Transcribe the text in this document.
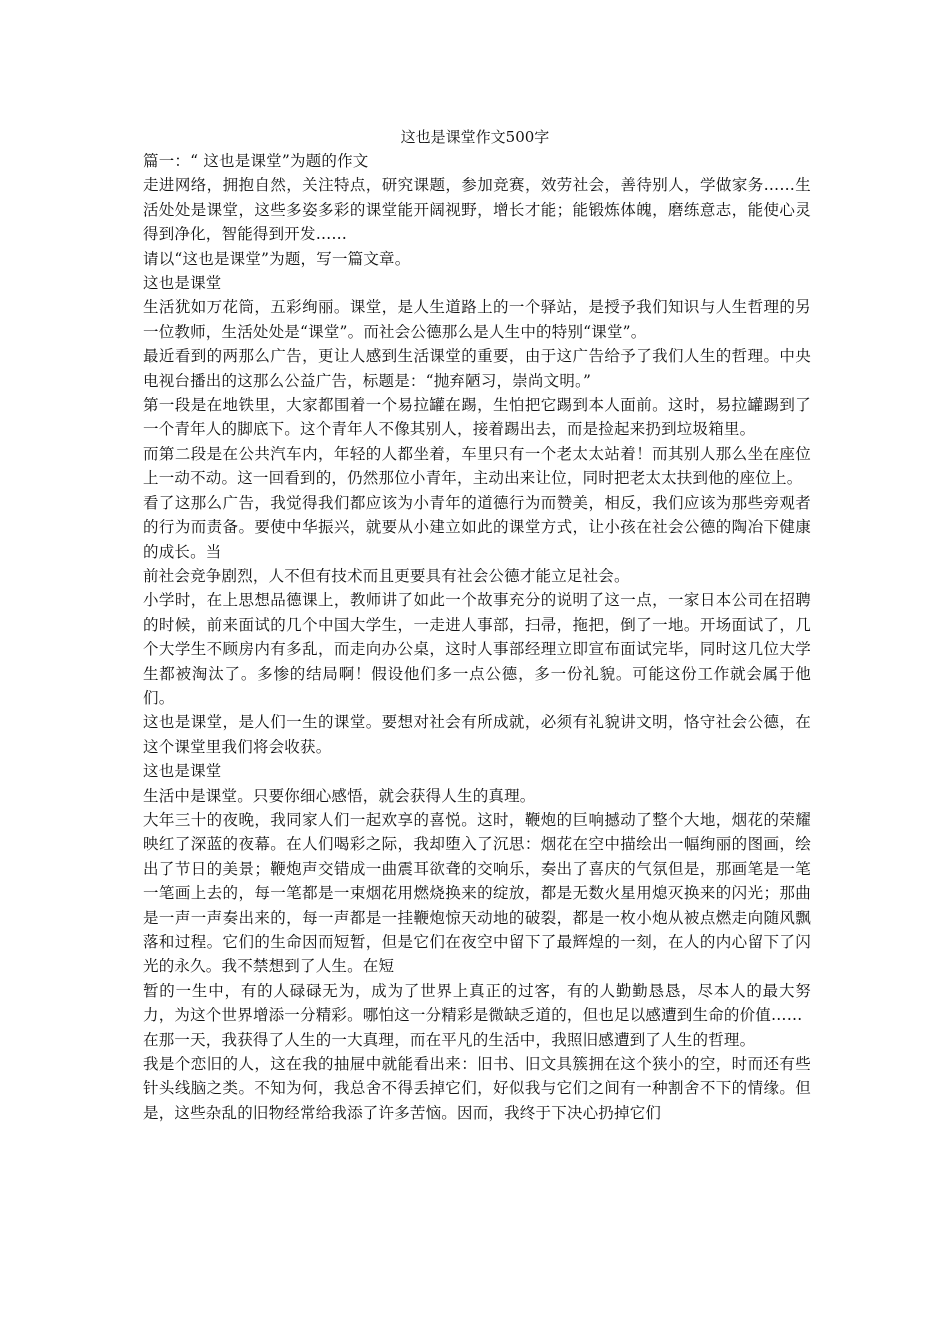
这也是课堂作文500字

篇一：“ 这也是课堂”为题的作文

走进网络，拥抱自然，关注特点，研究课题，参加竞赛，效劳社会，善待别人，学做家务……生活处处是课堂，这些多姿多彩的课堂能开阔视野，增长才能；能锻炼体魄，磨练意志，能使心灵得到净化，智能得到开发……

请以“这也是课堂”为题，写一篇文章。

这也是课堂

生活犹如万花筒，五彩绚丽。课堂，是人生道路上的一个驿站，是授予我们知识与人生哲理的另一位教师，生活处处是“课堂”。而社会公德那么是人生中的特别“课堂”。

最近看到的两那么广告，更让人感到生活课堂的重要，由于这广告给予了我们人生的哲理。中央电视台播出的这那么公益广告，标题是：“抛弃陋习，崇尚文明。”

第一段是在地铁里，大家都围着一个易拉罐在踢，生怕把它踢到本人面前。这时，易拉罐踢到了一个青年人的脚底下。这个青年人不像其别人，接着踢出去，而是捡起来扔到垃圾箱里。

而第二段是在公共汽车内，年轻的人都坐着，车里只有一个老太太站着！而其别人那么坐在座位上一动不动。这一回看到的，仍然那位小青年，主动出来让位，同时把老太太扶到他的座位上。

看了这那么广告，我觉得我们都应该为小青年的道德行为而赞美，相反，我们应该为那些旁观者的行为而责备。要使中华振兴，就要从小建立如此的课堂方式，让小孩在社会公德的陶冶下健康的成长。当

前社会竞争剧烈，人不但有技术而且更要具有社会公德才能立足社会。

小学时，在上思想品德课上，教师讲了如此一个故事充分的说明了这一点，一家日本公司在招聘的时候，前来面试的几个中国大学生，一走进人事部，扫帚，拖把，倒了一地。开场面试了，几个大学生不顾房内有多乱，而走向办公桌，这时人事部经理立即宣布面试完毕，同时这几位大学生都被淘汰了。多惨的结局啊！假设他们多一点公德，多一份礼貌。可能这份工作就会属于他们。

这也是课堂，是人们一生的课堂。要想对社会有所成就，必须有礼貌讲文明，恪守社会公德，在这个课堂里我们将会收获。

这也是课堂

生活中是课堂。只要你细心感悟，就会获得人生的真理。

大年三十的夜晚，我同家人们一起欢享的喜悦。这时，鞭炮的巨响撼动了整个大地，烟花的荣耀映红了深蓝的夜幕。在人们喝彩之际，我却堕入了沉思：烟花在空中描绘出一幅绚丽的图画，绘出了节日的美景；鞭炮声交错成一曲震耳欲聋的交响乐，奏出了喜庆的气氛但是，那画笔是一笔一笔画上去的，每一笔都是一束烟花用燃烧换来的绽放，都是无数火星用熄灭换来的闪光；那曲是一声一声奏出来的，每一声都是一挂鞭炮惊天动地的破裂，都是一枚小炮从被点燃走向随风飘落和过程。它们的生命因而短暂，但是它们在夜空中留下了最辉煌的一刻，在人的内心留下了闪光的永久。我不禁想到了人生。在短

暂的一生中，有的人碌碌无为，成为了世界上真正的过客，有的人勤勤恳恳，尽本人的最大努力，为这个世界增添一分精彩。哪怕这一分精彩是微缺乏道的，但也足以感遭到生命的价值……

在那一天，我获得了人生的一大真理，而在平凡的生活中，我照旧感遭到了人生的哲理。

我是个恋旧的人，这在我的抽屉中就能看出来：旧书、旧文具簇拥在这个狭小的空，时而还有些针头线脑之类。不知为何，我总舍不得丢掉它们，好似我与它们之间有一种割舍不下的情缘。但是，这些杂乱的旧物经常给我添了许多苦恼。因而，我终于下决心扔掉它们
